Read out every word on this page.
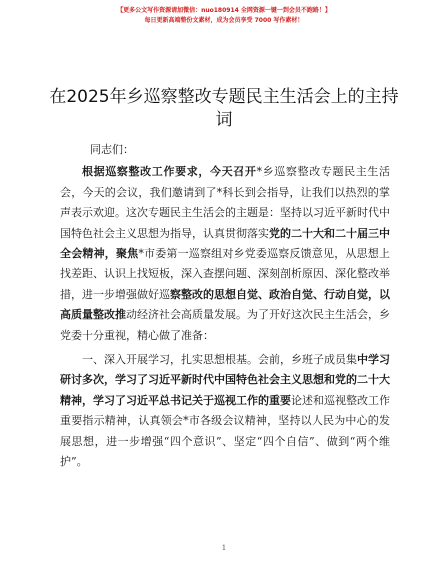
【更多公文写作资源请加微信：nuo180914 全网资源一键一到会员不跑路！】
每日更新高端整份文素材，成为会员享受 7000 写作素材！
在2025年乡巡察整改专题民主生活会上的主持词

同志们：

根据巡察整改工作要求，今天召开*乡巡察整改专题民主生活会，今天的会议，我们邀请到了*科长到会指导，让我们以热烈的掌声表示欢迎。这次专题民主生活会的主题是：坚持以习近平新时代中国特色社会主义思想为指导，认真贯彻落实党的二十大和二十届三中全会精神，聚焦*市委第一巡察组对乡党委巡察反馈意见，从思想上找差距、认识上找短板，深入查摆问题、深刻剖析原因、深化整改举措，进一步增强做好巡察整改的思想自觉、政治自觉、行动自觉，以高质量整改推动经济社会高质量发展。为了开好这次民主生活会，乡党委十分重视，精心做了准备：

一、深入开展学习，扎实思想根基。会前，乡班子成员集中学习研讨多次，学习了习近平新时代中国特色社会主义思想和党的二十大精神，学习了习近平总书记关于巡视工作的重要论述和巡视整改工作重要指示精神，认真领会*市各级会议精神，坚持以人民为中心的发展思想，进一步增强“四个意识”、坚定“四个自信”、做到“两个维护”。

1
